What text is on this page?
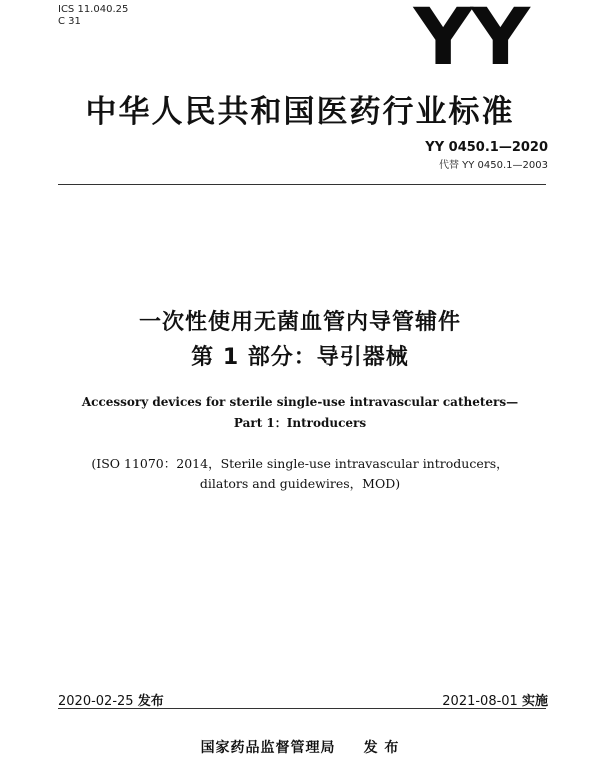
ICS 11.040.25
C 31	YY
中华人民共和国医药行业标准
YY 0450.1—2020
代替 YY 0450.1—2003
一次性使用无菌血管内导管辅件
第 1 部分：导引器械
Accessory devices for sterile single-use intravascular catheters—
Part 1：Introducers
(ISO 11070：2014，Sterile single-use intravascular introducers，
dilators and guidewires，MOD)
2020-02-25 发布	2021-08-01 实施
国家药品监督管理局 发 布
